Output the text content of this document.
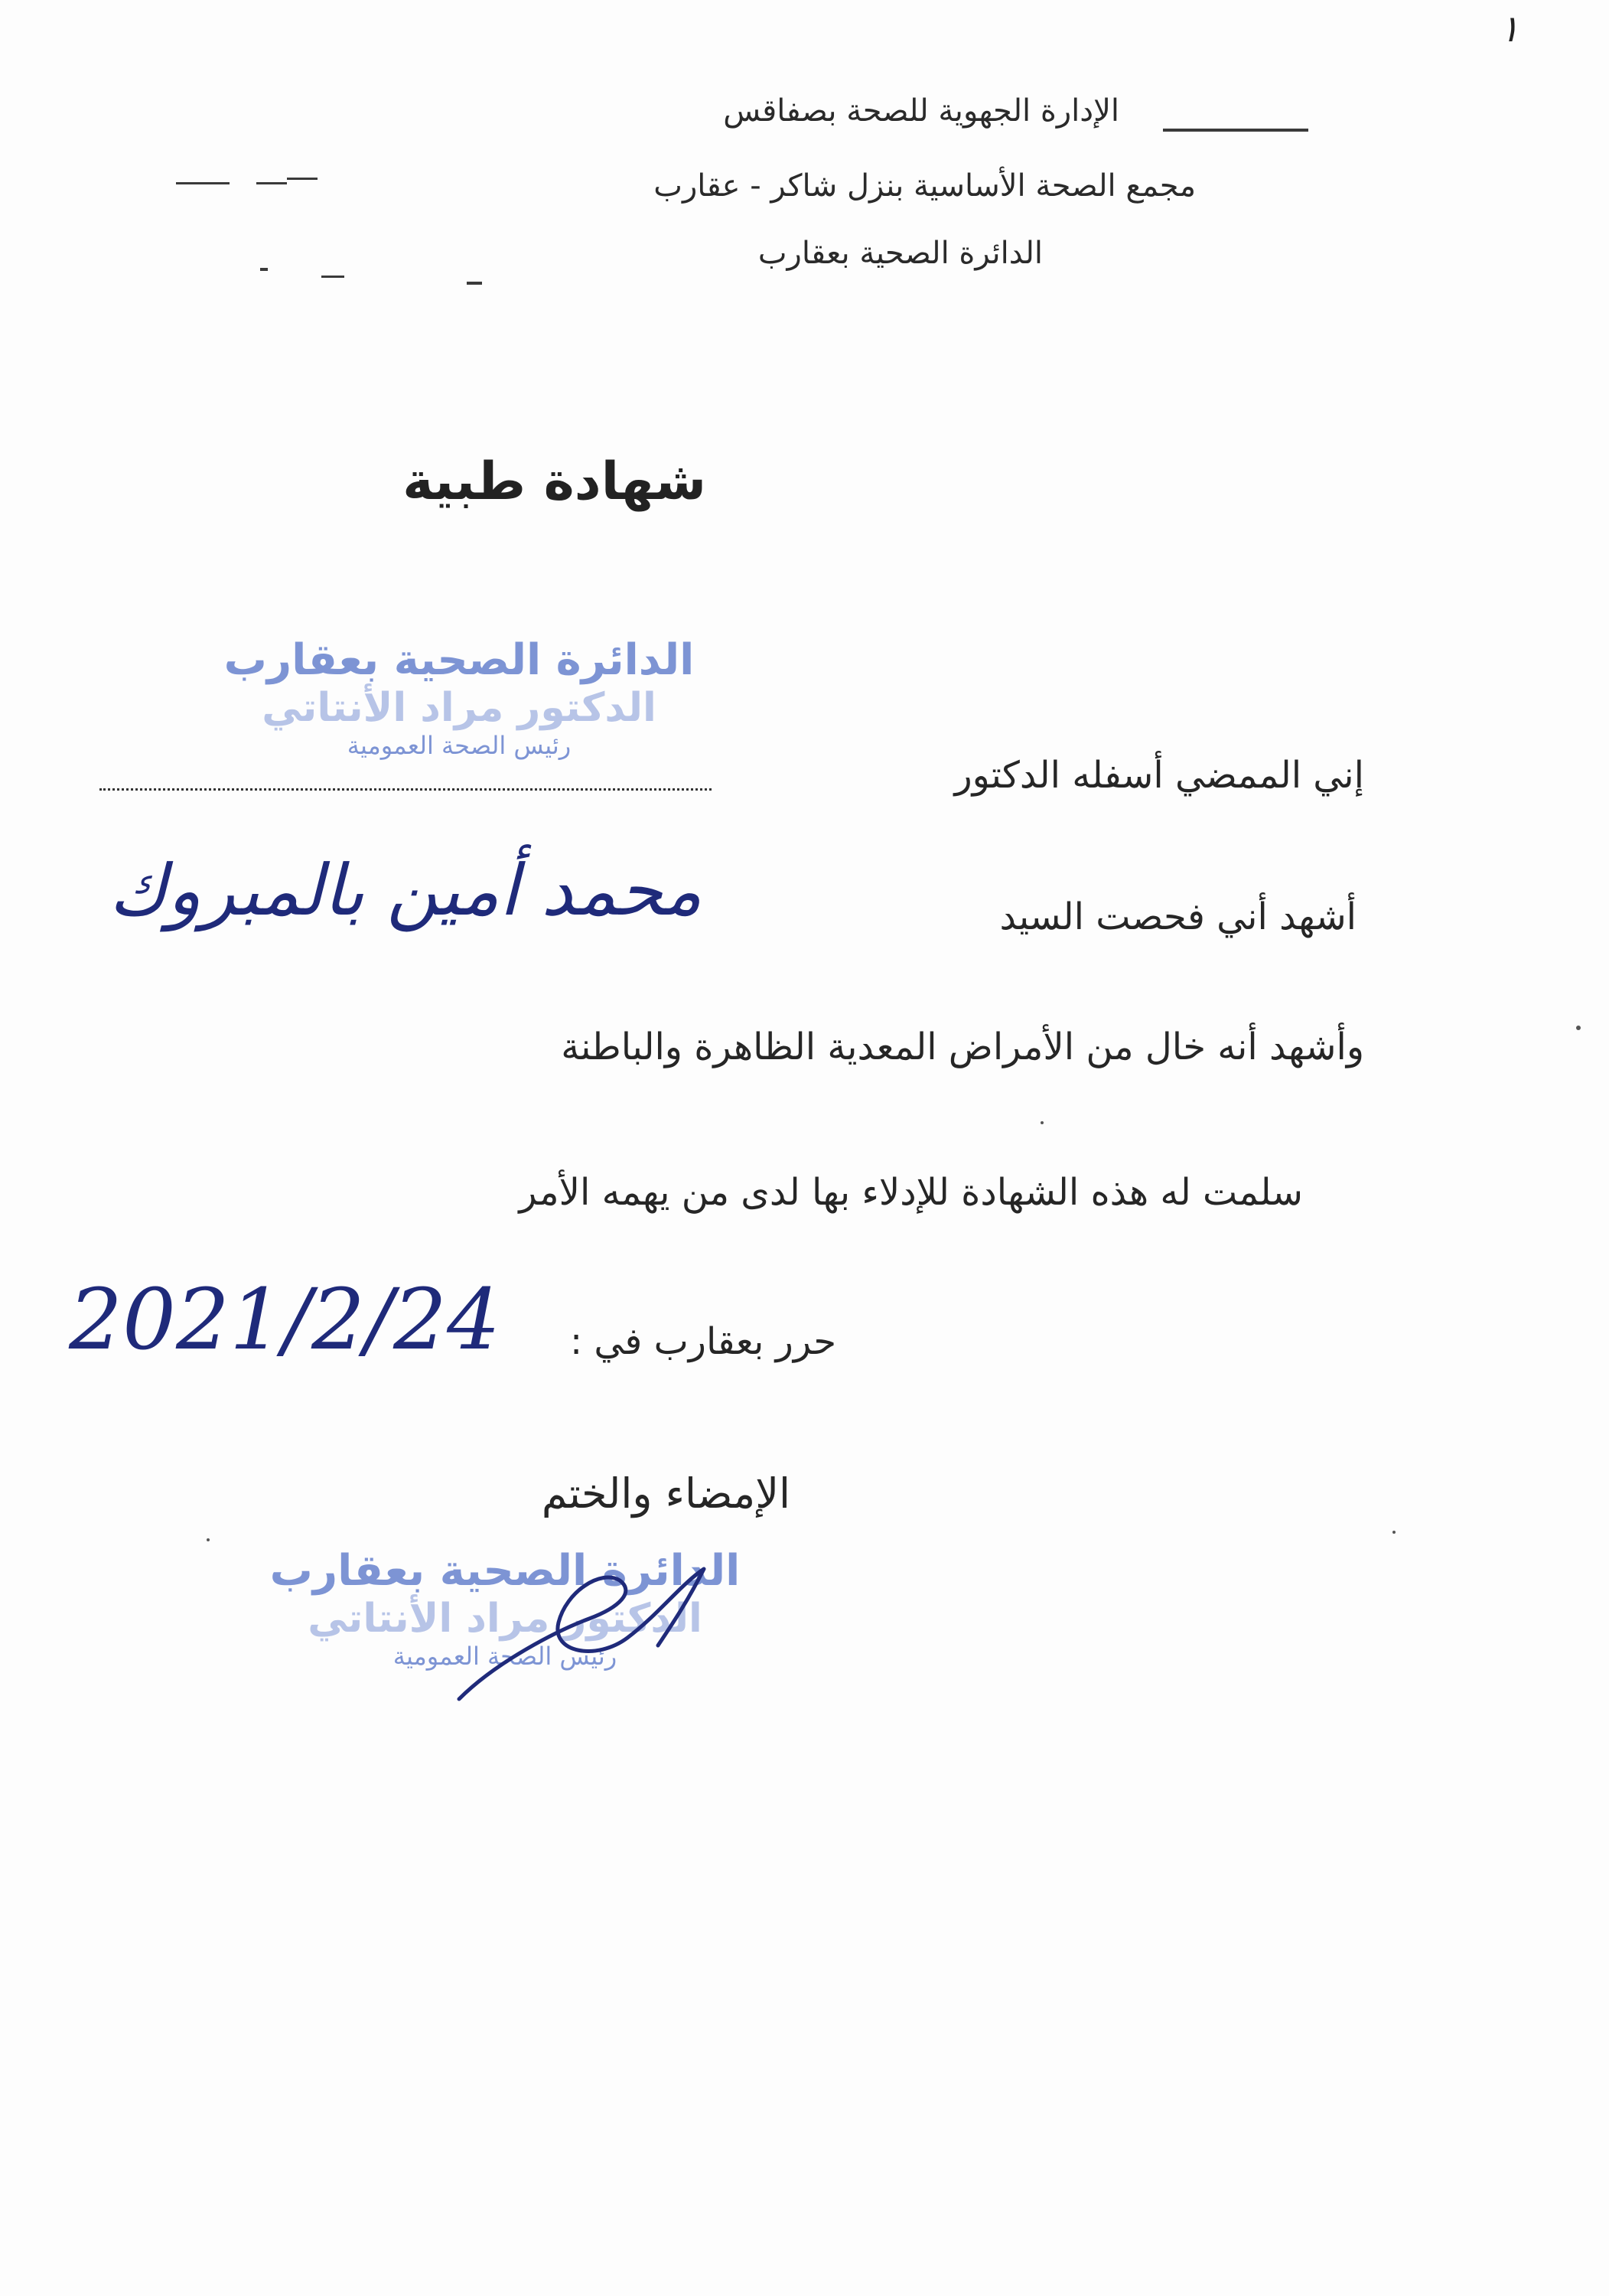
١
الإدارة الجهوية للصحة بصفاقس
مجمع الصحة الأساسية بنزل شاكر - عقارب
الدائرة الصحية بعقارب
شهادة طبية
الدائرة الصحية بعقارب
الدكتور مراد الأنتاتي
رئيس الصحة العمومية
إني الممضي أسفله الدكتور
أشهد أني فحصت السيد
محمد أمين بالمبروك
وأشهد أنه خال من الأمراض المعدية الظاهرة والباطنة
سلمت له هذه الشهادة للإدلاء بها لدى من يهمه الأمر
حرر بعقارب في :
2021/2/24
الإمضاء والختم
الدائرة الصحية بعقارب
الدكتور مراد الأنتاتي
رئيس الصحة العمومية
